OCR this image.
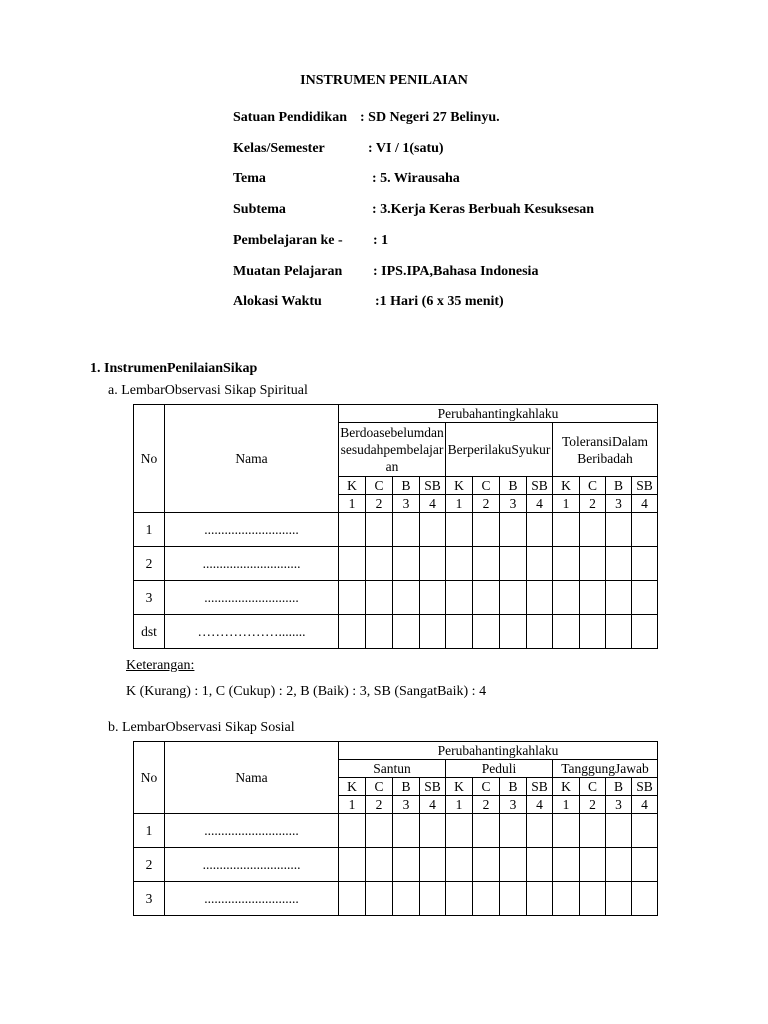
INSTRUMEN PENILAIAN
Satuan Pendidikan : SD Negeri 27 Belinyu.
Kelas/Semester	: VI / 1(satu)
Tema	: 5. Wirausaha
Subtema	: 3.Kerja Keras Berbuah Kesuksesan
Pembelajaran ke - : 1
Muatan Pelajaran : IPS.IPA,Bahasa Indonesia
Alokasi Waktu	:1 Hari (6 x 35 menit)
1. InstrumenPenilaianSikap
a. LembarObservasi Sikap Spiritual
No	Nama	Perubahantingkahlaku											
		Berdoasebelumdansesudahpembelajaran				BerperilakuSyukur				ToleransiDalam Beribadah			
		K	C	B	SB	K	C	B	SB	K	C	B	SB
		1	2	3	4	1	2	3	4	1	2	3	4
1	............................												
2	.............................												
3	............................												
dst	………………........												
Keterangan:
K (Kurang) : 1, C (Cukup) : 2, B (Baik) : 3, SB (SangatBaik) : 4
b. LembarObservasi Sikap Sosial
No	Nama	Perubahantingkahlaku											
		Santun				Peduli				TanggungJawab			
		K	C	B	SB	K	C	B	SB	K	C	B	SB
		1	2	3	4	1	2	3	4	1	2	3	4
1	............................												
2	.............................												
3	............................												
